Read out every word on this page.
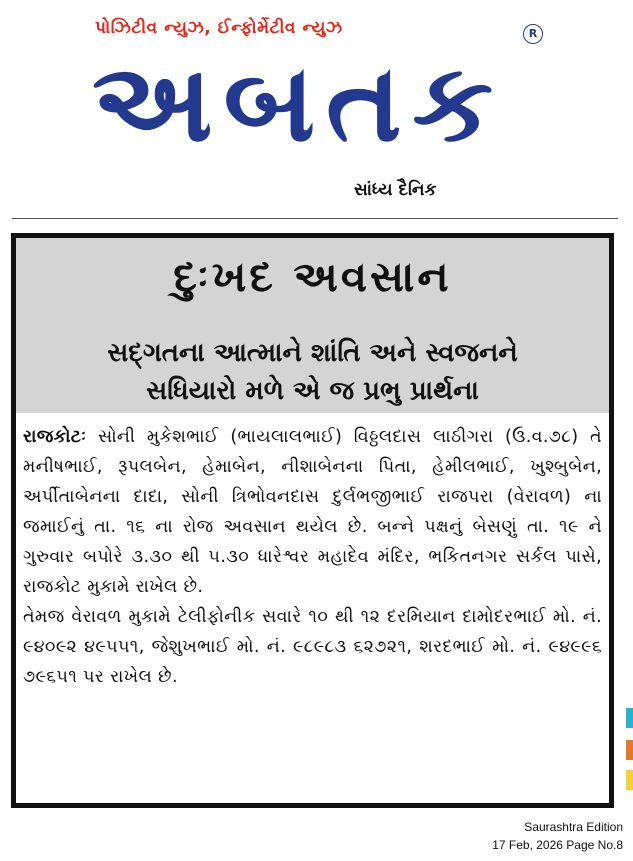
પોઝિટીવ ન્યુઝ, ઈન્ફોર્મેટીવ ન્યુઝ
અબતક
R
સાંધ્ય દૈનિક
દુઃખદ અવસાન
સદ્ગતના આત્માને શાંતિ અને સ્વજનને
સધિયારો મળે એ જ પ્રભુ પ્રાર્થના

રાજકોટઃ સોની મુકેશભાઈ (ભાયલાલભાઈ) વિઠ્ઠલદાસ લાઠીગરા (ઉ.વ.૭૮) તે મનીષભાઈ, રૂપલબેન, હેમાબેન, નીશાબેનના પિતા, હેમીલભાઈ, ખુશ્બુબેન, અર્પીતાબેનના દાદા, સોની ત્રિભોવનદાસ દુર્લભજીભાઈ રાજપરા (વેરાવળ) ના જમાઈનું તા. ૧૬ ના રોજ અવસાન થયેલ છે. બન્ને પક્ષનું બેસણું તા. ૧૯ ને ગુરુવાર બપોરે ૩.૩૦ થી ૫.૩૦ ધારેશ્વર મહાદેવ મંદિર, ભકિતનગર સર્કલ પાસે, રાજકોટ મુકામે રાખેલ છે.

તેમજ વેરાવળ મુકામે ટેલીફોનીક સવારે ૧૦ થી ૧૨ દરમિયાન દામોદરભાઈ મો. નં. ૯૪૦૯૨ ૪૯૫૫૧, જેશુખભાઈ મો. નં. ૯૮૯૮૩ ૬૨૭૨૧, શરદભાઈ મો. નં. ૯૪૯૯૬ ૭૯૬૫૧ પર રાખેલ છે.

Saurashtra Edition
17 Feb, 2026 Page No.8
